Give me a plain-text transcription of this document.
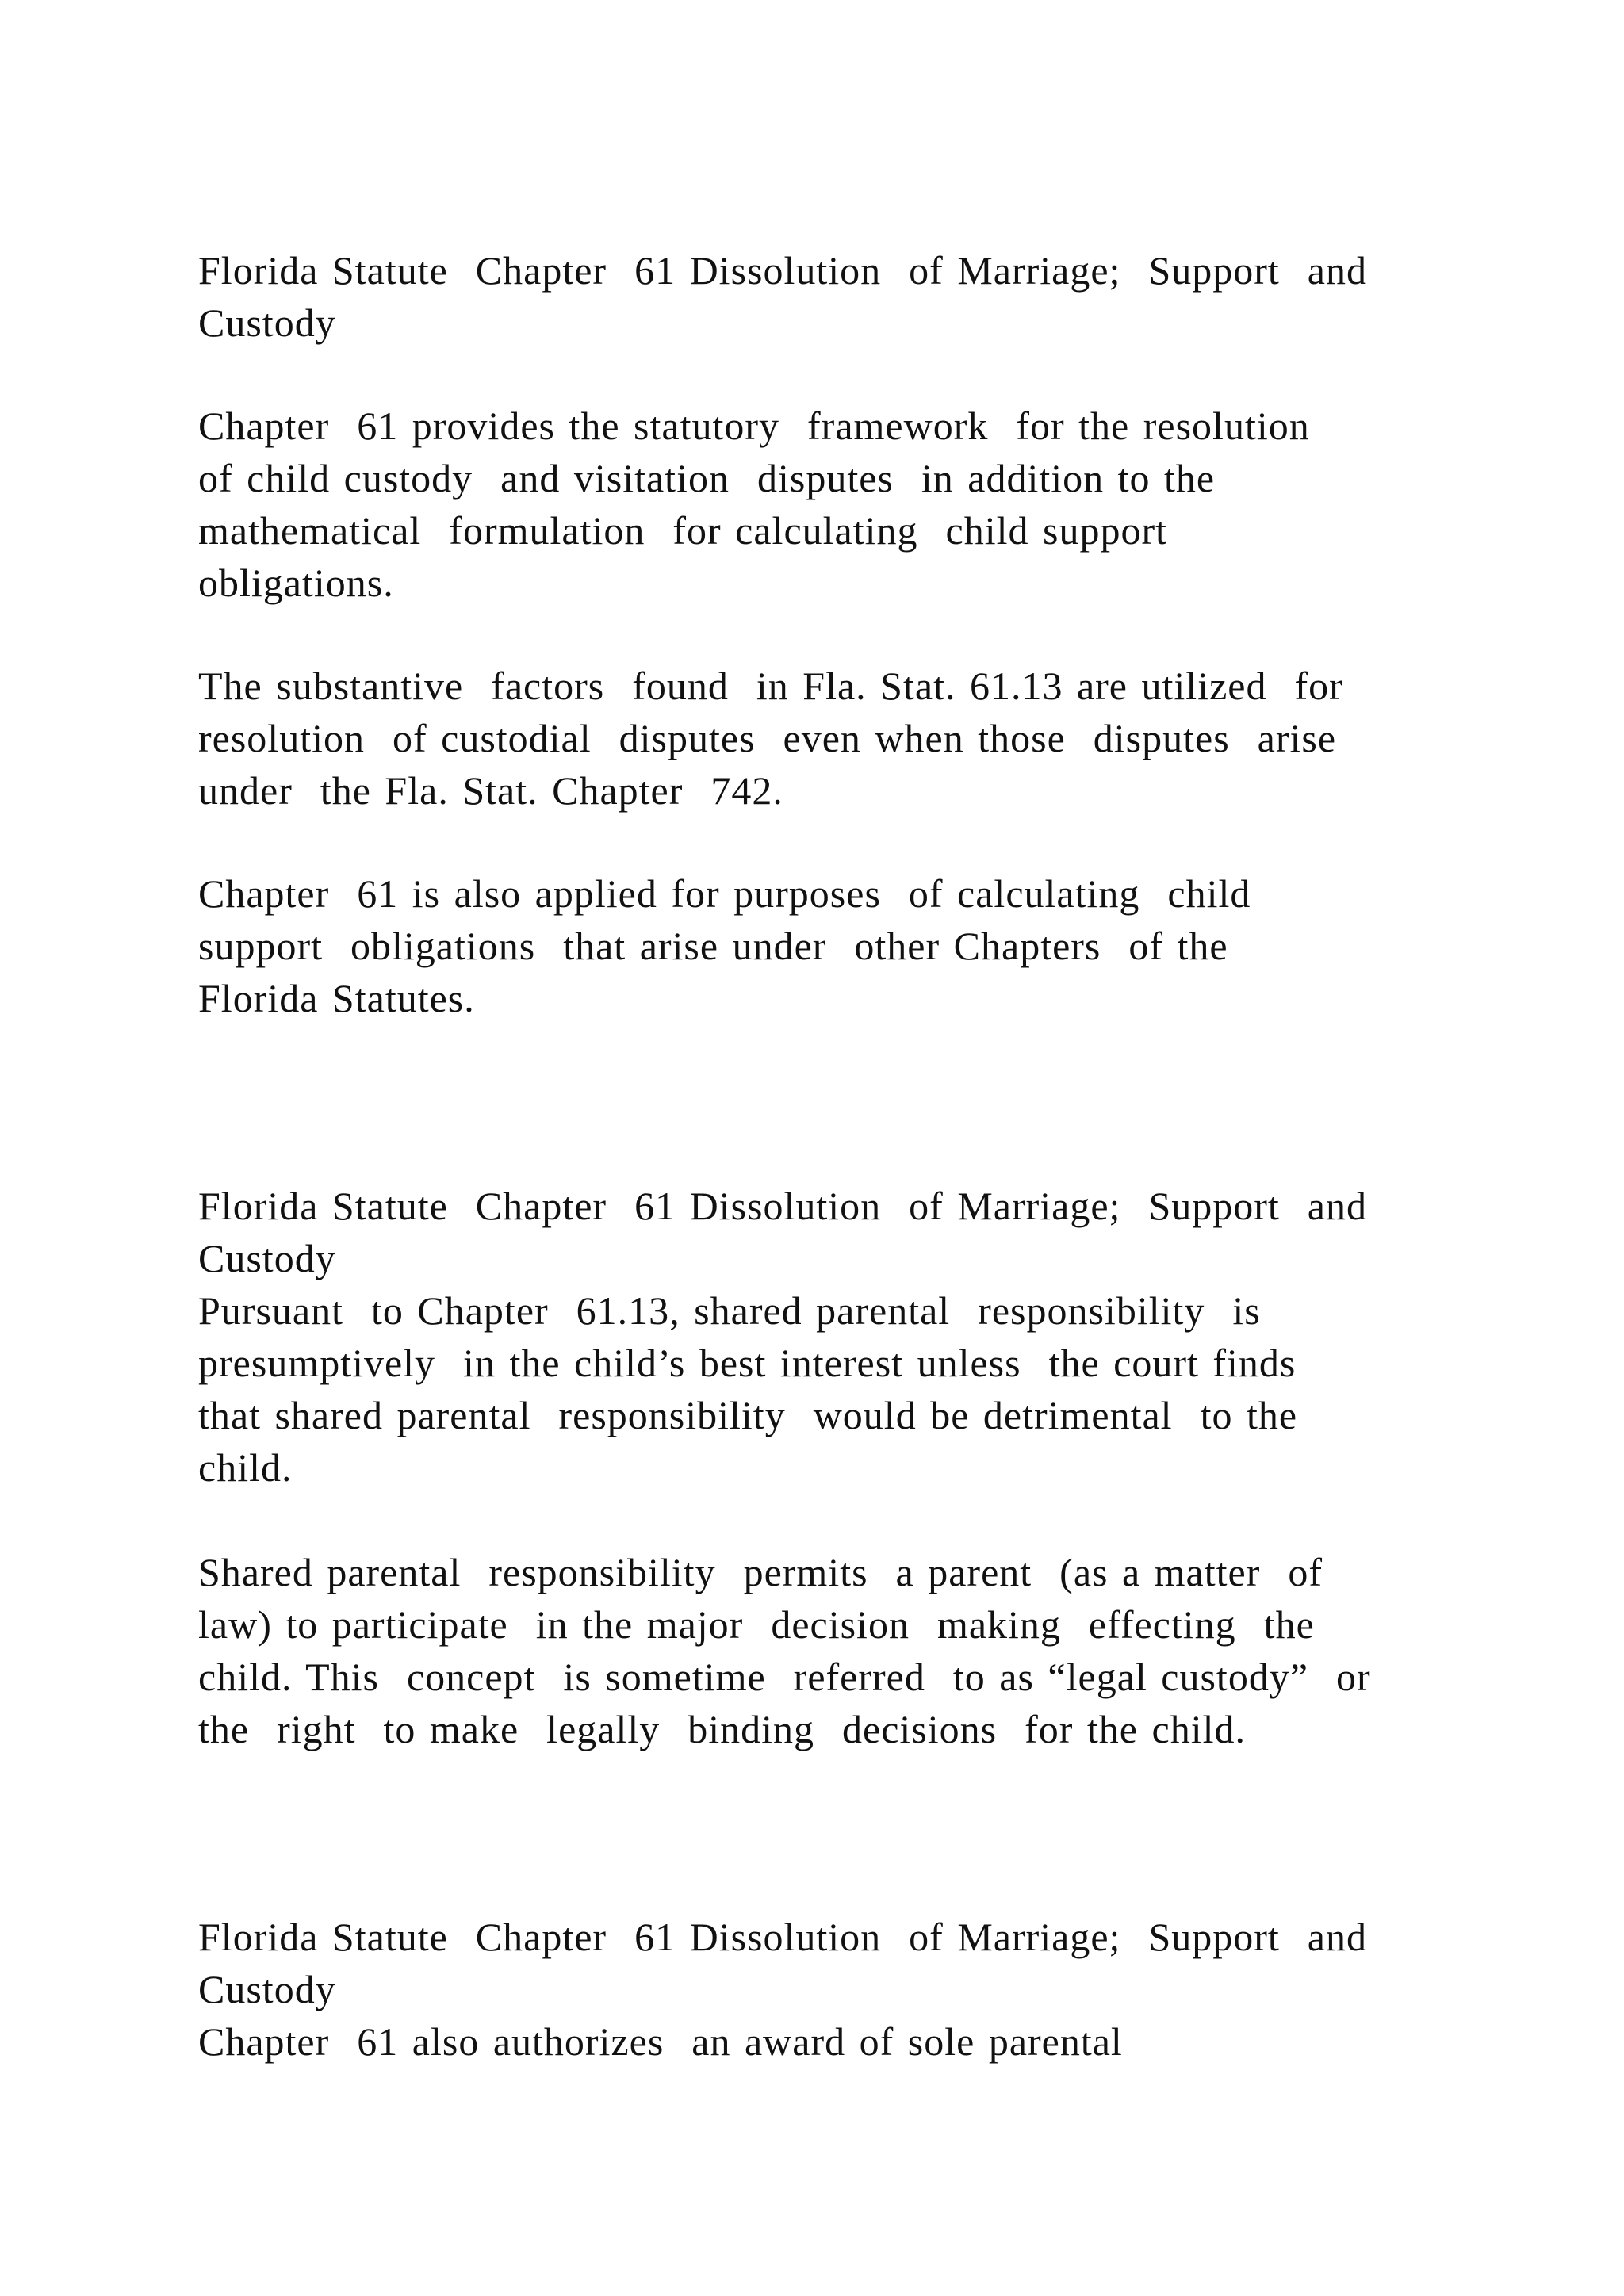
Florida Statute  Chapter  61 Dissolution  of Marriage;  Support  and

Custody

Chapter  61 provides the statutory  framework  for the resolution

of child custody  and visitation  disputes  in addition to the

mathematical  formulation  for calculating  child support

obligations.

The substantive  factors  found  in Fla. Stat. 61.13 are utilized  for

resolution  of custodial  disputes  even when those  disputes  arise

under  the Fla. Stat. Chapter  742.

Chapter  61 is also applied for purposes  of calculating  child

support  obligations  that arise under  other Chapters  of the

Florida Statutes.

Florida Statute  Chapter  61 Dissolution  of Marriage;  Support  and

Custody

Pursuant  to Chapter  61.13, shared parental  responsibility  is

presumptively  in the child’s best interest unless  the court finds

that shared parental  responsibility  would be detrimental  to the

child.

Shared parental  responsibility  permits  a parent  (as a matter  of

law) to participate  in the major  decision  making  effecting  the

child. This  concept  is sometime  referred  to as “legal custody”  or

the  right  to make  legally  binding  decisions  for the child.

Florida Statute  Chapter  61 Dissolution  of Marriage;  Support  and

Custody

Chapter  61 also authorizes  an award of sole parental
